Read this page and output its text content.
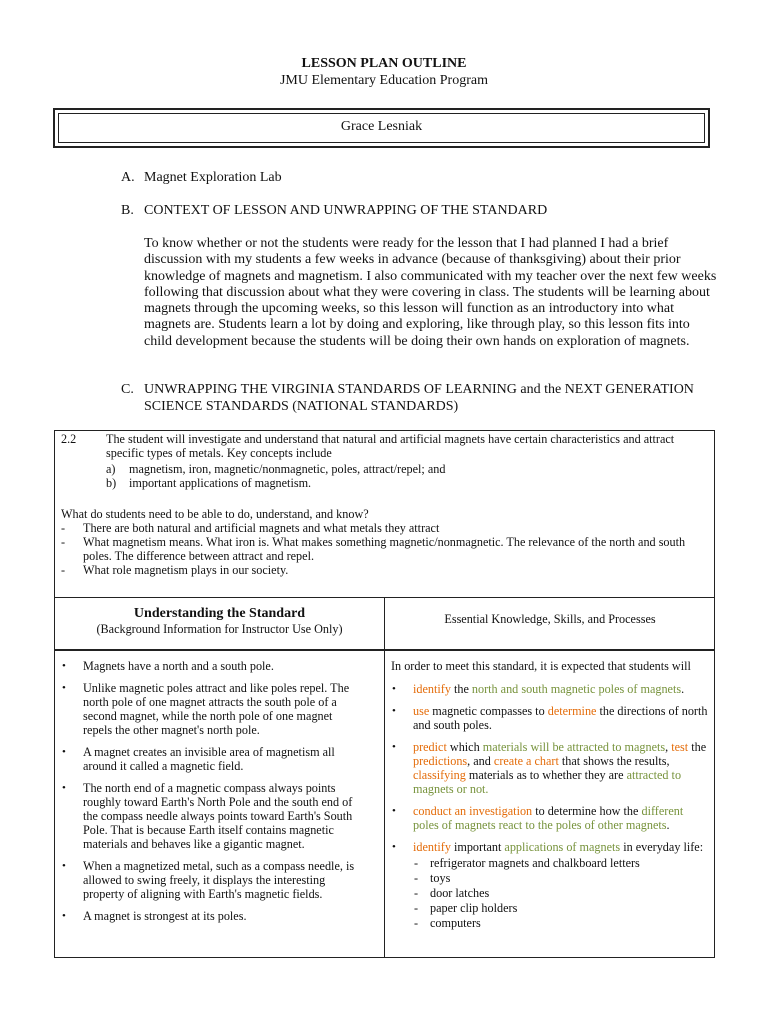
LESSON PLAN OUTLINE
JMU Elementary Education Program
Grace Lesniak
A. Magnet Exploration Lab
B. CONTEXT OF LESSON AND UNWRAPPING OF THE STANDARD
To know whether or not the students were ready for the lesson that I had planned I had a brief discussion with my students a few weeks in advance (because of thanksgiving) about their prior knowledge of magnets and magnetism. I also communicated with my teacher over the next few weeks following that discussion about what they were covering in class. The students will be learning about magnets through the upcoming weeks, so this lesson will function as an introductory into what magnets are. Students learn a lot by doing and exploring, like through play, so this lesson fits into child development because the students will be doing their own hands on exploration of magnets.
C. UNWRAPPING THE VIRGINIA STANDARDS OF LEARNING and the NEXT GENERATION
SCIENCE STANDARDS (NATIONAL STANDARDS)
2.2 The student will investigate and understand that natural and artificial magnets have certain characteristics and attract specific types of metals. Key concepts include
a) magnetism, iron, magnetic/nonmagnetic, poles, attract/repel; and
b) important applications of magnetism.
What do students need to be able to do, understand, and know?
- There are both natural and artificial magnets and what metals they attract
- What magnetism means. What iron is. What makes something magnetic/nonmagnetic. The relevance of the north and south poles. The difference between attract and repel.
- What role magnetism plays in our society.
Understanding the Standard
(Background Information for Instructor Use Only)
Essential Knowledge, Skills, and Processes
• Magnets have a north and a south pole.
• Unlike magnetic poles attract and like poles repel. The north pole of one magnet attracts the south pole of a second magnet, while the north pole of one magnet repels the other magnet's north pole.
• A magnet creates an invisible area of magnetism all around it called a magnetic field.
• The north end of a magnetic compass always points roughly toward Earth's North Pole and the south end of the compass needle always points toward Earth's South Pole. That is because Earth itself contains magnetic materials and behaves like a gigantic magnet.
• When a magnetized metal, such as a compass needle, is allowed to swing freely, it displays the interesting property of aligning with Earth's magnetic fields.
• A magnet is strongest at its poles.
In order to meet this standard, it is expected that students will
• identify the north and south magnetic poles of magnets.
• use magnetic compasses to determine the directions of north and south poles.
• predict which materials will be attracted to magnets, test the predictions, and create a chart that shows the results, classifying materials as to whether they are attracted to magnets or not.
• conduct an investigation to determine how the different poles of magnets react to the poles of other magnets.
• identify important applications of magnets in everyday life:
- refrigerator magnets and chalkboard letters
- toys
- door latches
- paper clip holders
- computers
